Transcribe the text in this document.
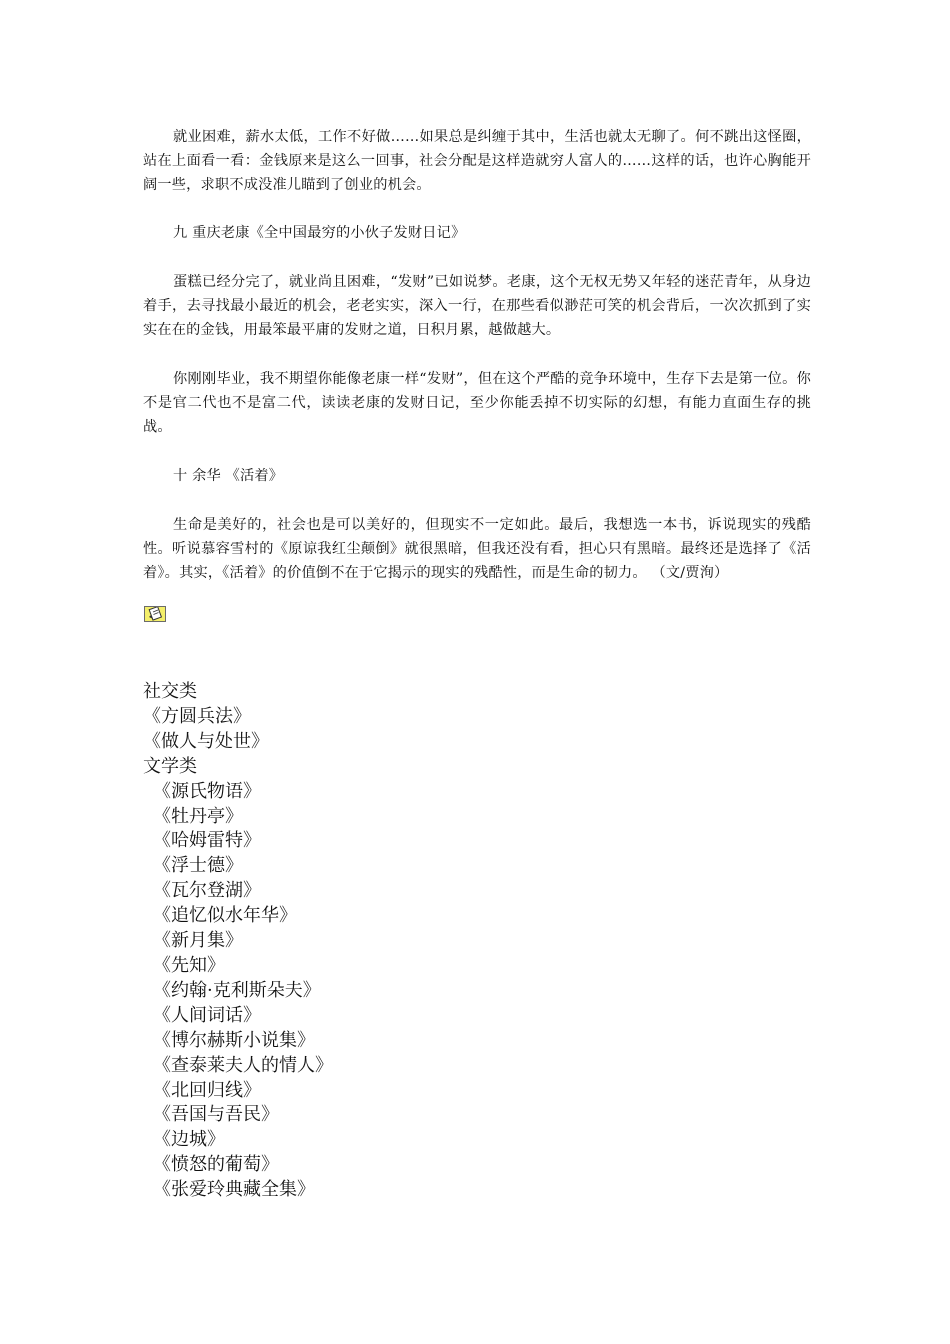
就业困难，薪水太低，工作不好做……如果总是纠缠于其中，生活也就太无聊了。何不跳出这怪圈，站在上面看一看：金钱原来是这么一回事，社会分配是这样造就穷人富人的……这样的话，也许心胸能开阔一些，求职不成没准儿瞄到了创业的机会。

九 重庆老康《全中国最穷的小伙子发财日记》

蛋糕已经分完了，就业尚且困难，“发财”已如说梦。老康，这个无权无势又年轻的迷茫青年，从身边着手，去寻找最小最近的机会，老老实实，深入一行，在那些看似渺茫可笑的机会背后，一次次抓到了实实在在的金钱，用最笨最平庸的发财之道，日积月累，越做越大。

你刚刚毕业，我不期望你能像老康一样“发财”，但在这个严酷的竞争环境中，生存下去是第一位。你不是官二代也不是富二代，读读老康的发财日记，至少你能丢掉不切实际的幻想，有能力直面生存的挑战。

十 余华 《活着》

生命是美好的，社会也是可以美好的，但现实不一定如此。最后，我想选一本书，诉说现实的残酷性。听说慕容雪村的《原谅我红尘颠倒》就很黑暗，但我还没有看，担心只有黑暗。最终还是选择了《活着》。其实，《活着》的价值倒不在于它揭示的现实的残酷性，而是生命的韧力。 （文/贾洵）

社交类
《方圆兵法》
《做人与处世》
文学类
《源氏物语》
《牡丹亭》
《哈姆雷特》
《浮士德》
《瓦尔登湖》
《追忆似水年华》
《新月集》
《先知》
《约翰·克利斯朵夫》
《人间词话》
《博尔赫斯小说集》
《查泰莱夫人的情人》
《北回归线》
《吾国与吾民》
《边城》
《愤怒的葡萄》
《张爱玲典藏全集》
